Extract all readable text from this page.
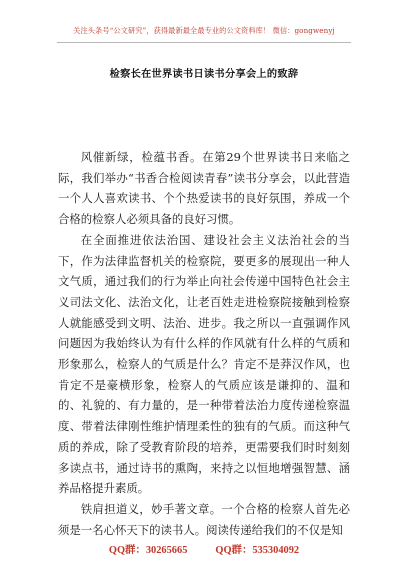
关注头条号“公文研究”，获得最新最全最专业的公文资料库！ 微信：gongwenyj
检察长在世界读书日读书分享会上的致辞

风催新绿，检蕴书香。在第29个世界读书日来临之际，我们举办“书香合检阅读青春”读书分享会，以此营造一个人人喜欢读书、个个热爱读书的良好氛围，养成一个合格的检察人必须具备的良好习惯。

在全面推进依法治国、建设社会主义法治社会的当下，作为法律监督机关的检察院，要更多的展现出一种人文气质，通过我们的行为举止向社会传递中国特色社会主义司法文化、法治文化，让老百姓走进检察院接触到检察人就能感受到文明、法治、进步。我之所以一直强调作风问题因为我始终认为有什么样的作风就有什么样的气质和形象那么，检察人的气质是什么？肯定不是莽汉作风，也肯定不是豪横形象，检察人的气质应该是谦抑的、温和的、礼貌的、有力量的，是一种带着法治力度传递检察温度、带着法律刚性维护情理柔性的独有的气质。而这种气质的养成，除了受教育阶段的培养，更需要我们时时刻刻多读点书，通过诗书的熏陶，来持之以恒地增强智慧、涵养品格提升素质。

铁肩担道义，妙手著文章。一个合格的检察人首先必须是一名心怀天下的读书人。阅读传递给我们的不仅是知

QQ群：30265665	QQ群：535304092
